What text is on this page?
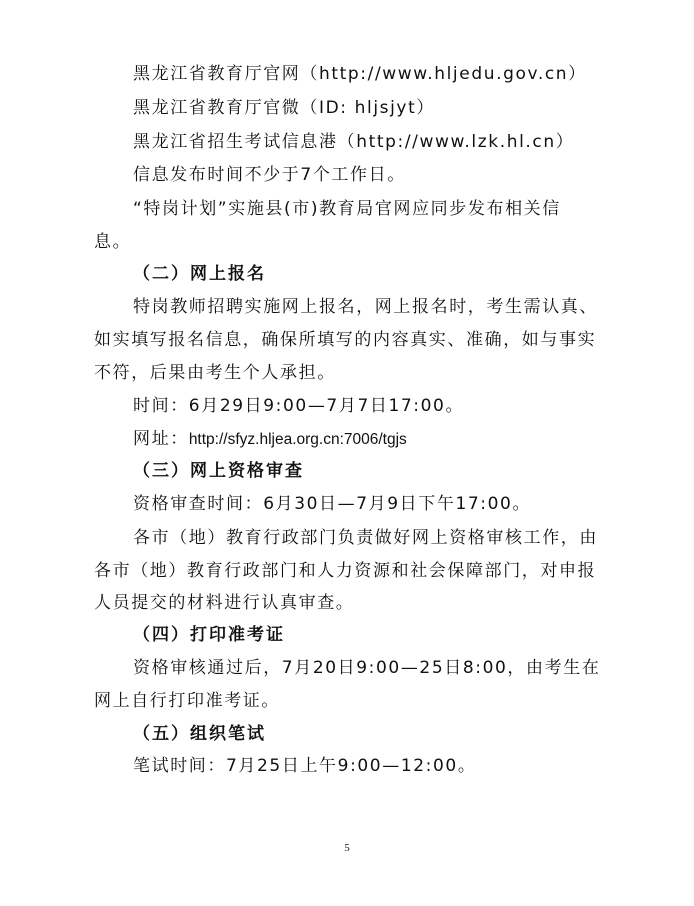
黑龙江省教育厅官网（http://www.hljedu.gov.cn）
黑龙江省教育厅官微（ID: hljsjyt）
黑龙江省招生考试信息港（http://www.lzk.hl.cn）
信息发布时间不少于7个工作日。
“特岗计划”实施县(市)教育局官网应同步发布相关信
息。
（二）网上报名
特岗教师招聘实施网上报名，网上报名时，考生需认真、
如实填写报名信息，确保所填写的内容真实、准确，如与事实
不符，后果由考生个人承担。
时间：6月29日9:00—7月7日17:00。
网址：http://sfyz.hljea.org.cn:7006/tgjs
（三）网上资格审查
资格审查时间：6月30日—7月9日下午17:00。
各市（地）教育行政部门负责做好网上资格审核工作，由
各市（地）教育行政部门和人力资源和社会保障部门，对申报
人员提交的材料进行认真审查。
（四）打印准考证
资格审核通过后，7月20日9:00—25日8:00，由考生在
网上自行打印准考证。
（五）组织笔试
笔试时间：7月25日上午9:00—12:00。
5
